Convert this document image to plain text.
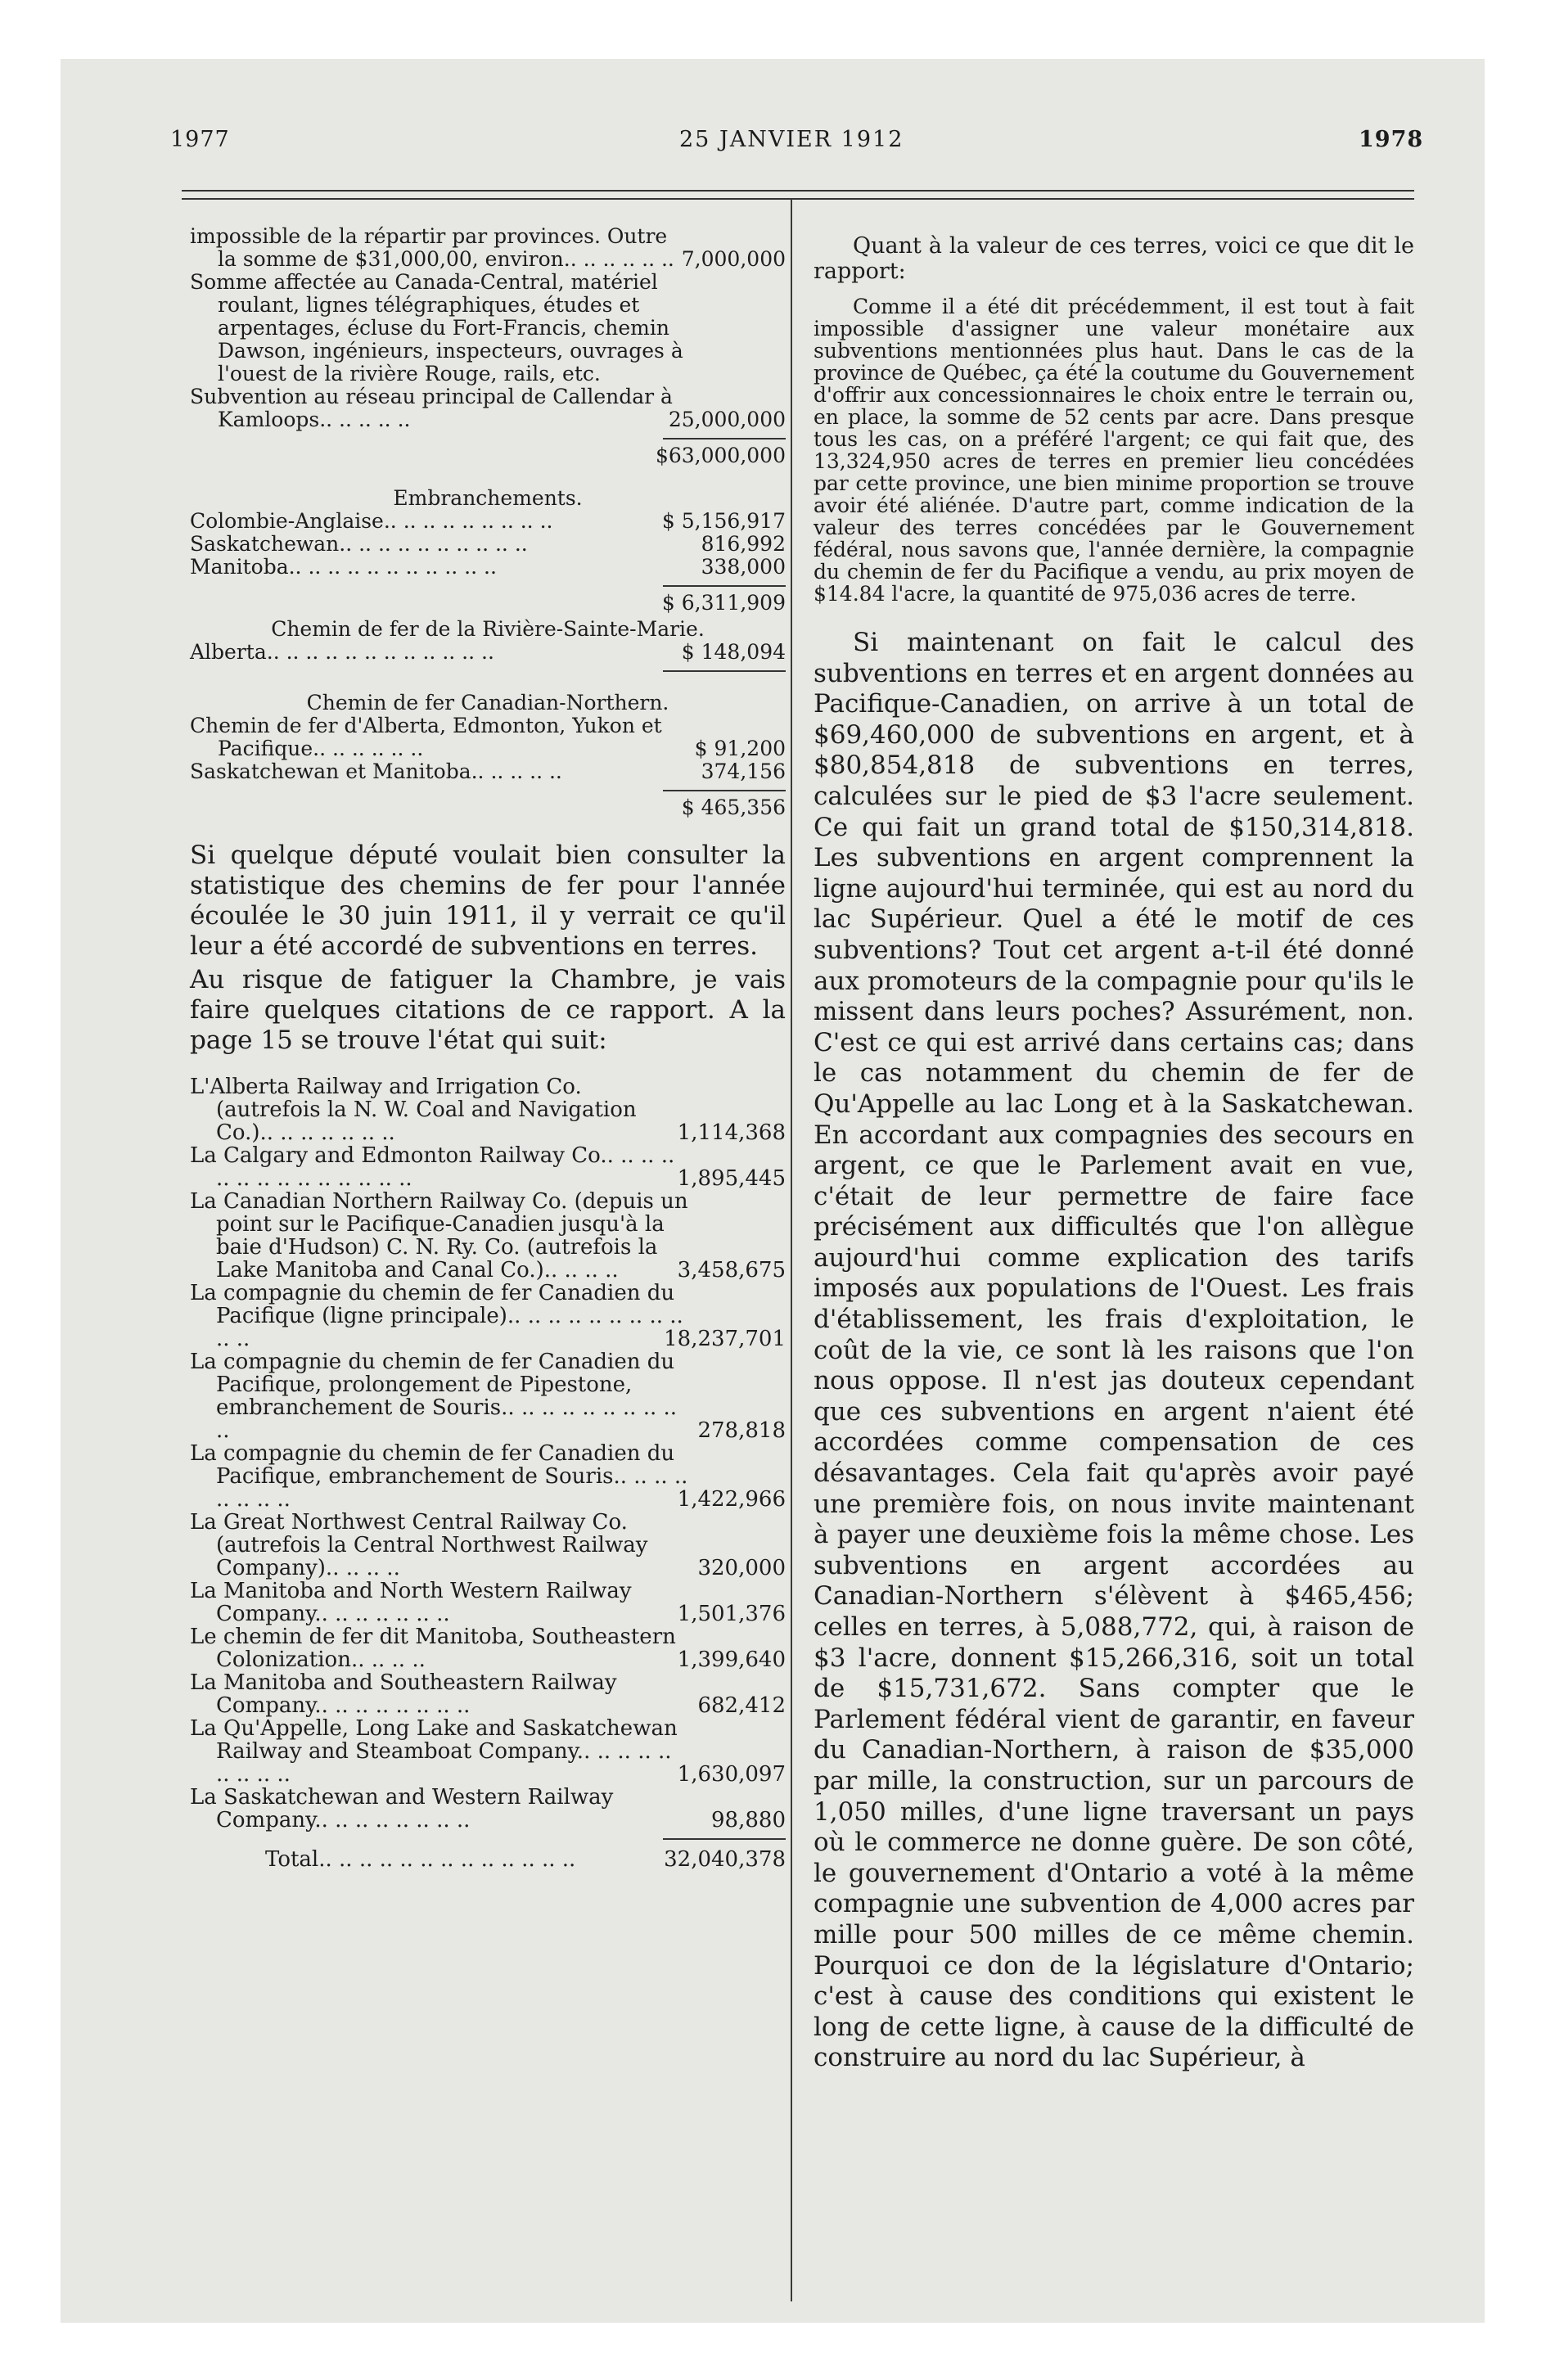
1977	25 JANVIER 1912	1978
impossible de la répartir par provinces. Outre la somme de $31,000,00, environ.. .. .. .. .. .. 7,000,000
Somme affectée au Canada-Central, matériel roulant, lignes télégraphiques, études et arpentages, écluse du Fort-Francis, chemin Dawson, ingénieurs, inspecteurs, ouvrages à l'ouest de la rivière Rouge, rails, etc.
Subvention au réseau principal de Callendar à Kamloops.. .. .. .. ..	25,000,000
$63,000,000
Embranchements.
Colombie-Anglaise.. .. .. .. .. .. .. .. ..	$ 5,156,917
Saskatchewan.. .. .. .. .. .. .. .. .. ..	816,992
Manitoba.. .. .. .. .. .. .. .. .. .. ..	338,000
$ 6,311,909
Chemin de fer de la Rivière-Sainte-Marie.
Alberta.. .. .. .. .. .. .. .. .. .. .. ..	$ 148,094
Chemin de fer Canadian-Northern.
Chemin de fer d'Alberta, Edmonton, Yukon et Pacifique.. .. .. .. .. ..	$ 91,200
Saskatchewan et Manitoba.. .. .. .. ..	374,156
$ 465,356

Si quelque député voulait bien consulter la statistique des chemins de fer pour l'année écoulée le 30 juin 1911, il y verrait ce qu'il leur a été accordé de subventions en terres.

Au risque de fatiguer la Chambre, je vais faire quelques citations de ce rapport. A la page 15 se trouve l'état qui suit:

L'Alberta Railway and Irrigation Co. (autrefois la N. W. Coal and Navigation Co.).. .. .. .. .. .. ..	1,114,368
La Calgary and Edmonton Railway Co.. .. .. .. .. .. .. .. .. .. .. .. .. ..	1,895,445
La Canadian Northern Railway Co. (depuis un point sur le Pacifique-Canadien jusqu'à la baie d'Hudson) C. N. Ry. Co. (autrefois la Lake Manitoba and Canal Co.).. .. .. ..	3,458,675
La compagnie du chemin de fer Canadien du Pacifique (ligne principale).. .. .. .. .. .. .. .. .. .. ..	18,237,701
La compagnie du chemin de fer Canadien du Pacifique, prolongement de Pipestone, embranchement de Souris.. .. .. .. .. .. .. .. .. ..	278,818
La compagnie du chemin de fer Canadien du Pacifique, embranchement de Souris.. .. .. .. .. .. .. ..	1,422,966
La Great Northwest Central Railway Co. (autrefois la Central Northwest Railway Company).. .. .. ..	320,000
La Manitoba and North Western Railway Company.. .. .. .. .. .. ..	1,501,376
Le chemin de fer dit Manitoba, Southeastern Colonization.. .. .. ..	1,399,640
La Manitoba and Southeastern Railway Company.. .. .. .. .. .. .. ..	682,412
La Qu'Appelle, Long Lake and Saskatchewan Railway and Steamboat Company.. .. .. .. .. .. .. .. ..	1,630,097
La Saskatchewan and Western Railway Company.. .. .. .. .. .. .. ..	98,880
Total.. .. .. .. .. .. .. .. .. .. .. .. ..	32,040,378

Quant à la valeur de ces terres, voici ce que dit le rapport:

Comme il a été dit précédemment, il est tout à fait impossible d'assigner une valeur monétaire aux subventions mentionnées plus haut. Dans le cas de la province de Québec, ça été la coutume du Gouvernement d'offrir aux concessionnaires le choix entre le terrain ou, en place, la somme de 52 cents par acre. Dans presque tous les cas, on a préféré l'argent; ce qui fait que, des 13,324,950 acres de terres en premier lieu concédées par cette province, une bien minime proportion se trouve avoir été aliénée. D'autre part, comme indication de la valeur des terres concédées par le Gouvernement fédéral, nous savons que, l'année dernière, la compagnie du chemin de fer du Pacifique a vendu, au prix moyen de $14.84 l'acre, la quantité de 975,036 acres de terre.

Si maintenant on fait le calcul des subventions en terres et en argent données au Pacifique-Canadien, on arrive à un total de $69,460,000 de subventions en argent, et à $80,854,818 de subventions en terres, calculées sur le pied de $3 l'acre seulement. Ce qui fait un grand total de $150,314,818. Les subventions en argent comprennent la ligne aujourd'hui terminée, qui est au nord du lac Supérieur. Quel a été le motif de ces subventions? Tout cet argent a-t-il été donné aux promoteurs de la compagnie pour qu'ils le missent dans leurs poches? Assurément, non. C'est ce qui est arrivé dans certains cas; dans le cas notamment du chemin de fer de Qu'Appelle au lac Long et à la Saskatchewan. En accordant aux compagnies des secours en argent, ce que le Parlement avait en vue, c'était de leur permettre de faire face précisément aux difficultés que l'on allègue aujourd'hui comme explication des tarifs imposés aux populations de l'Ouest. Les frais d'établissement, les frais d'exploitation, le coût de la vie, ce sont là les raisons que l'on nous oppose. Il n'est jas douteux cependant que ces subventions en argent n'aient été accordées comme compensation de ces désavantages. Cela fait qu'après avoir payé une première fois, on nous invite maintenant à payer une deuxième fois la même chose. Les subventions en argent accordées au Canadian-Northern s'élèvent à $465,456; celles en terres, à 5,088,772, qui, à raison de $3 l'acre, donnent $15,266,316, soit un total de $15,731,672. Sans compter que le Parlement fédéral vient de garantir, en faveur du Canadian-Northern, à raison de $35,000 par mille, la construction, sur un parcours de 1,050 milles, d'une ligne traversant un pays où le commerce ne donne guère. De son côté, le gouvernement d'Ontario a voté à la même compagnie une subvention de 4,000 acres par mille pour 500 milles de ce même chemin. Pourquoi ce don de la législature d'Ontario; c'est à cause des conditions qui existent le long de cette ligne, à cause de la difficulté de construire au nord du lac Supérieur, à
